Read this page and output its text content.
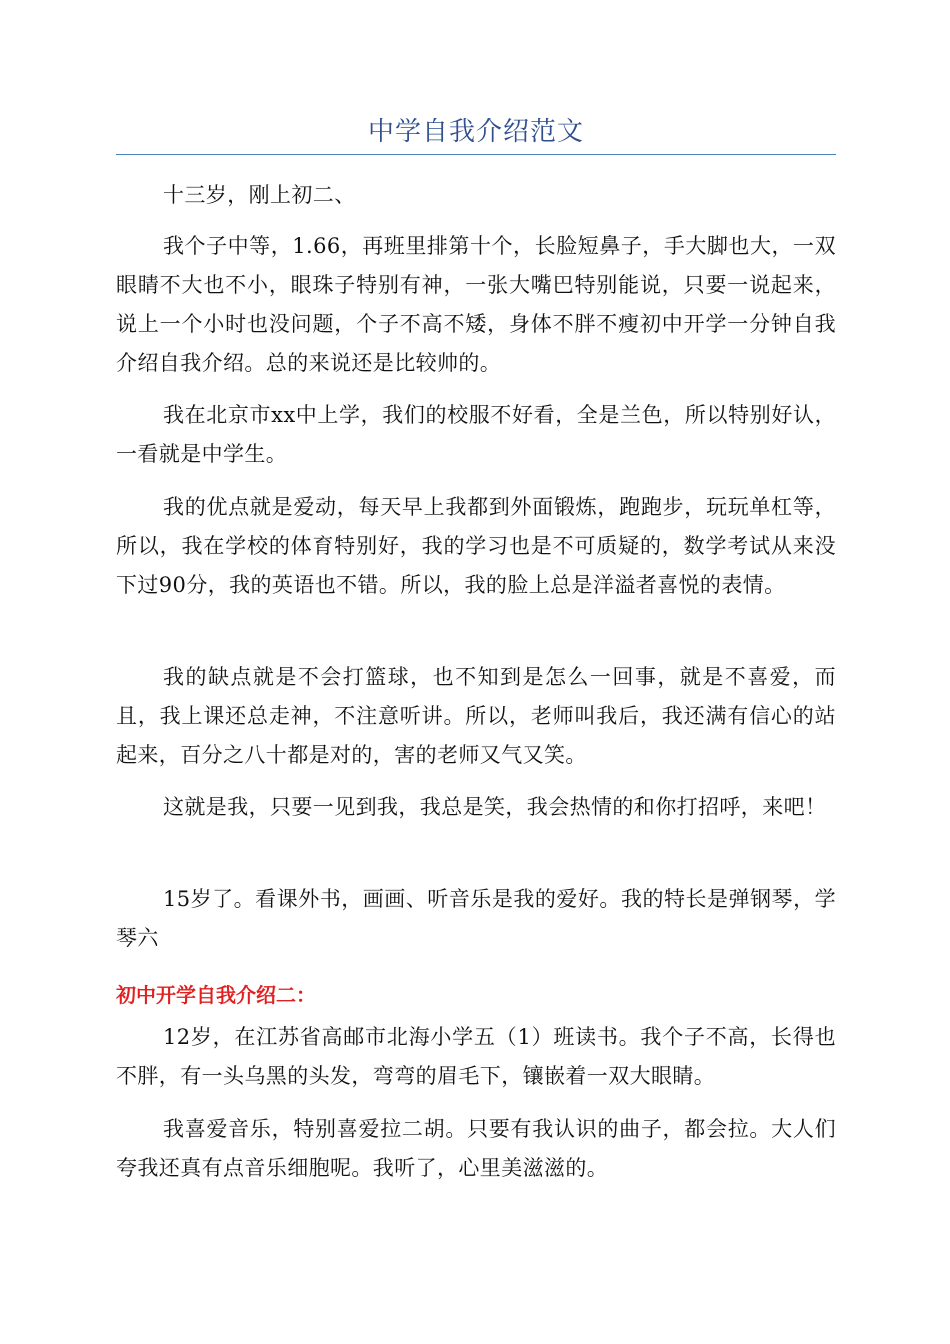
中学自我介绍范文

十三岁，刚上初二、

我个子中等，1.66，再班里排第十个，长脸短鼻子，手大脚也大，一双眼睛不大也不小，眼珠子特别有神，一张大嘴巴特别能说，只要一说起来，说上一个小时也没问题，个子不高不矮，身体不胖不瘦初中开学一分钟自我介绍自我介绍。总的来说还是比较帅的。

我在北京市xx中上学，我们的校服不好看，全是兰色，所以特别好认，一看就是中学生。

我的优点就是爱动，每天早上我都到外面锻炼，跑跑步，玩玩单杠等，所以，我在学校的体育特别好，我的学习也是不可质疑的，数学考试从来没下过90分，我的英语也不错。所以，我的脸上总是洋溢者喜悦的表情。

我的缺点就是不会打篮球，也不知到是怎么一回事，就是不喜爱，而且，我上课还总走神，不注意听讲。所以，老师叫我后，我还满有信心的站起来，百分之八十都是对的，害的老师又气又笑。

这就是我，只要一见到我，我总是笑，我会热情的和你打招呼，来吧！

15岁了。看课外书，画画、听音乐是我的爱好。我的特长是弹钢琴，学琴六

初中开学自我介绍二：

12岁，在江苏省高邮市北海小学五（1）班读书。我个子不高，长得也不胖，有一头乌黑的头发，弯弯的眉毛下，镶嵌着一双大眼睛。

我喜爱音乐，特别喜爱拉二胡。只要有我认识的曲子，都会拉。大人们夸我还真有点音乐细胞呢。我听了，心里美滋滋的。
